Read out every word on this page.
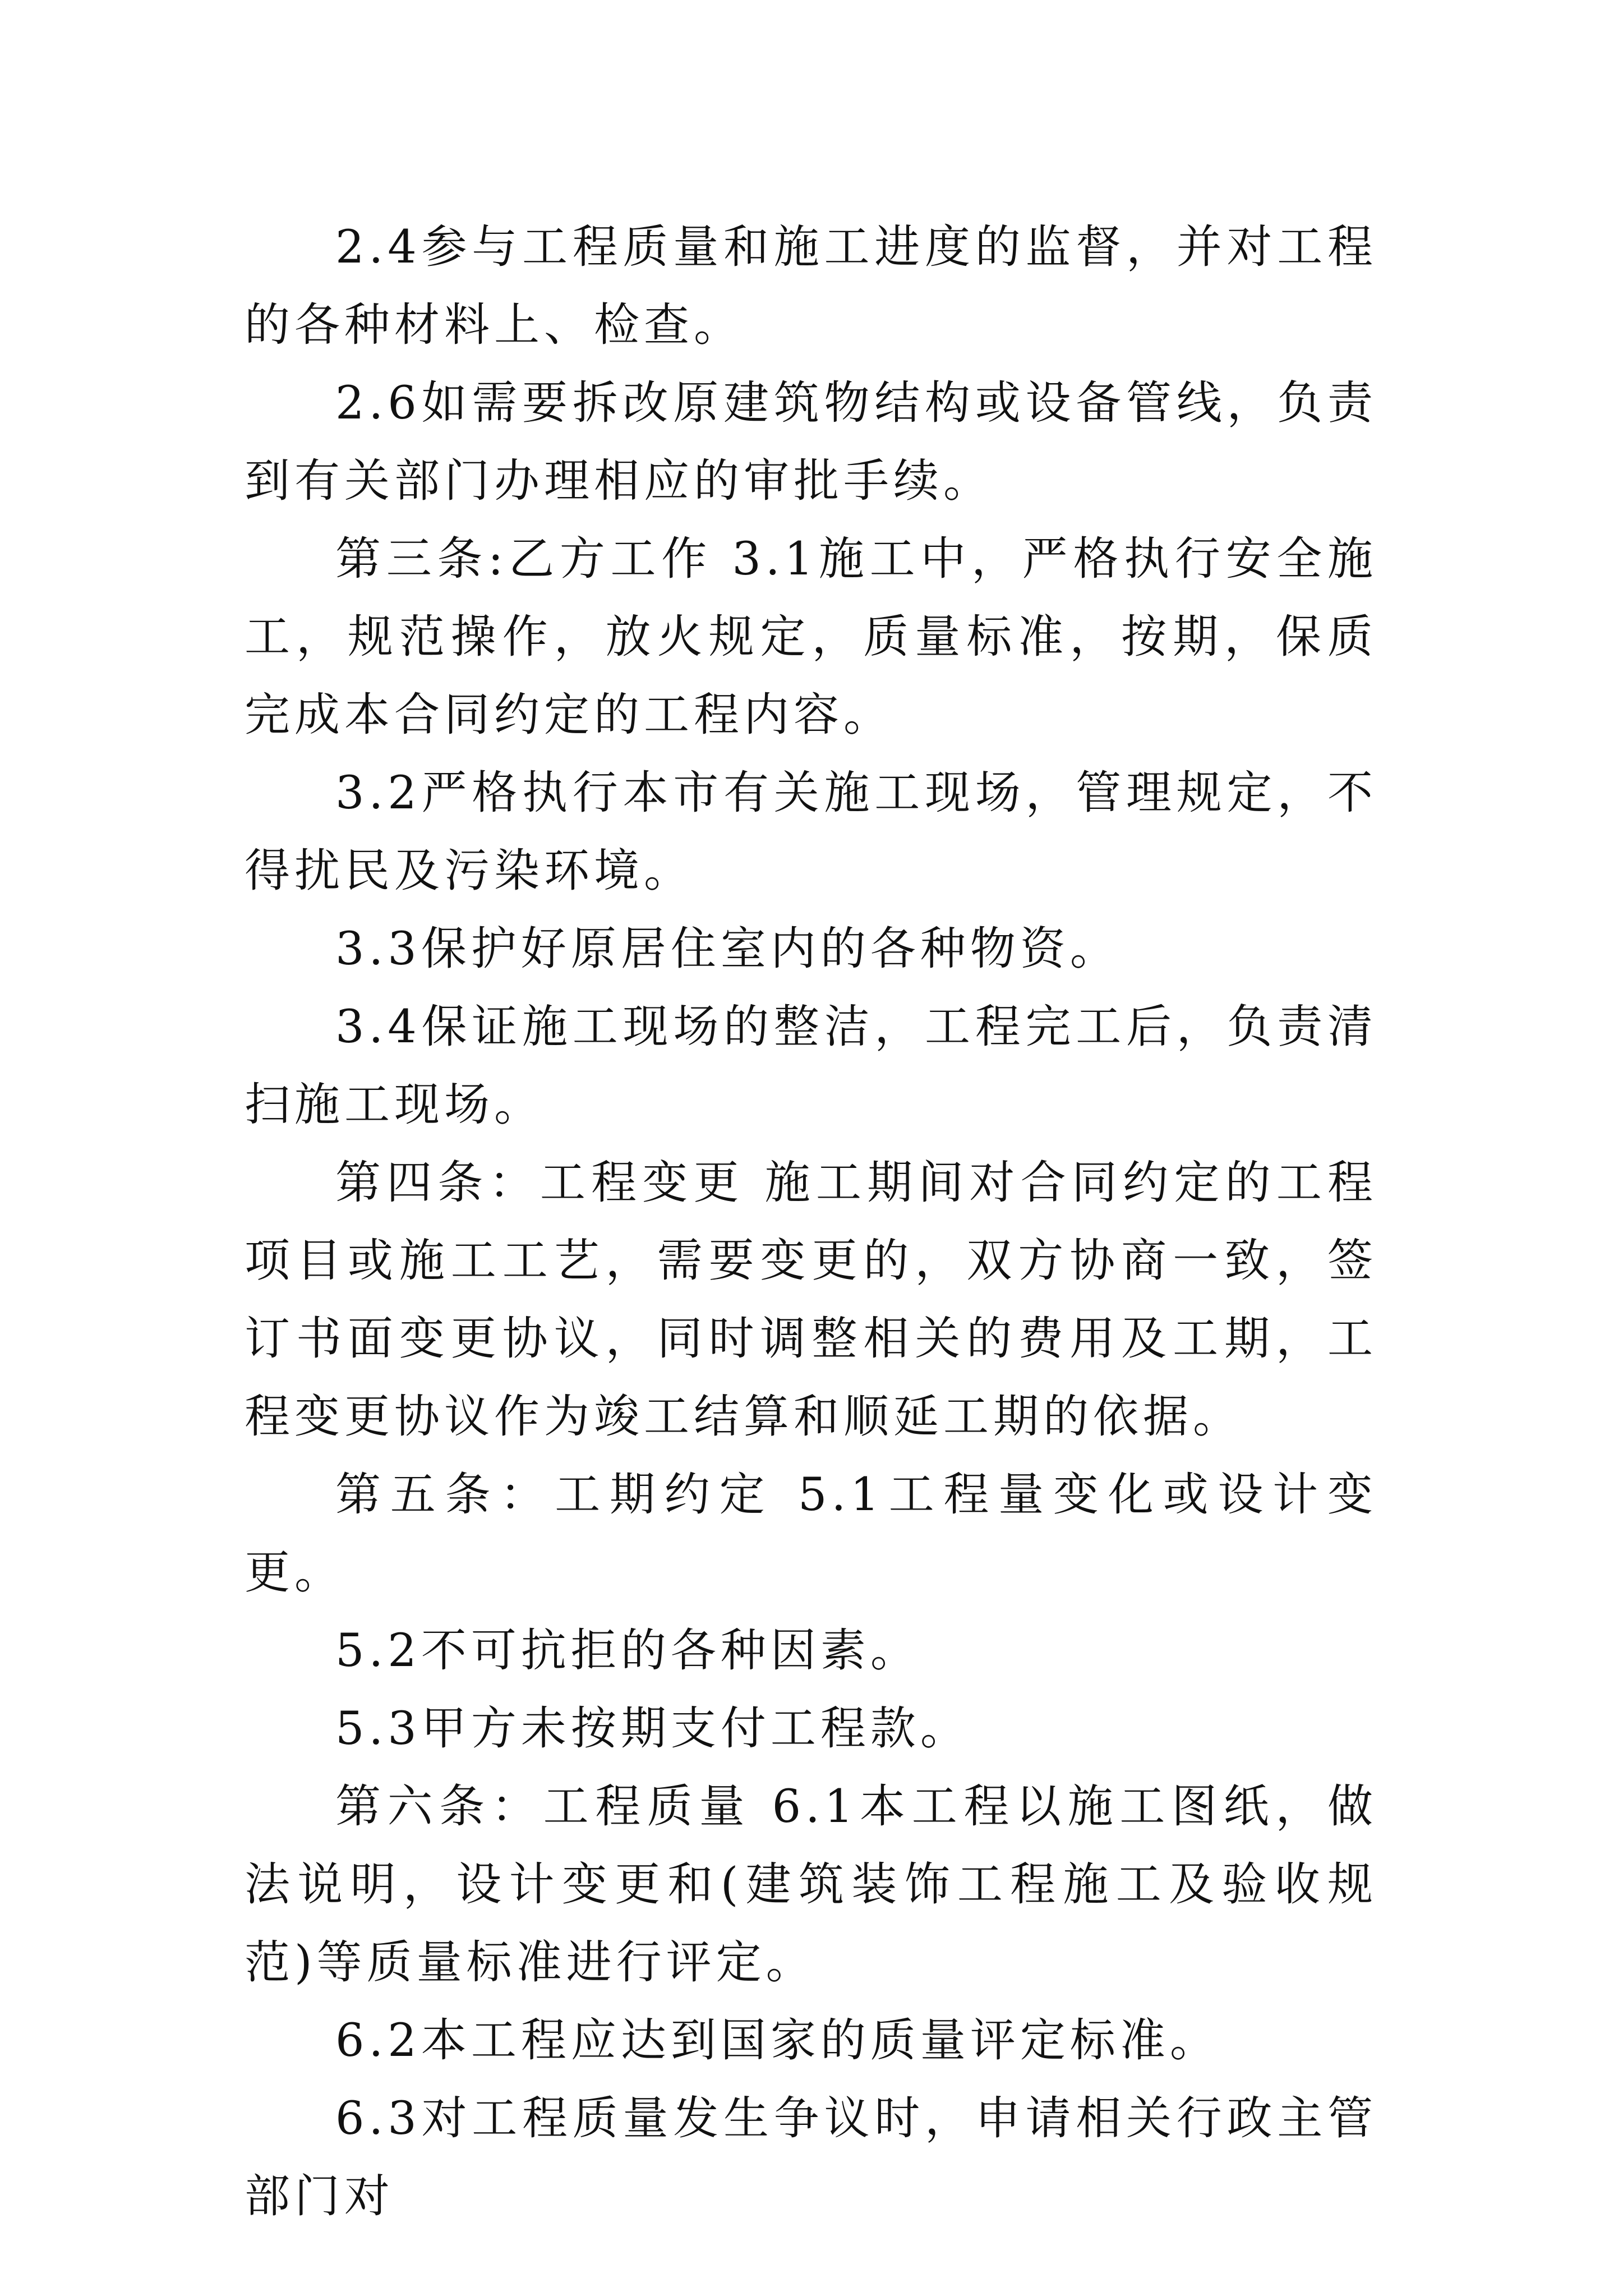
2.4参与工程质量和施工进度的监督，并对工程的各种材料上、检查。

2.6如需要拆改原建筑物结构或设备管线，负责到有关部门办理相应的审批手续。

第三条:乙方工作 3.1施工中，严格执行安全施工，规范操作，放火规定，质量标准，按期，保质完成本合同约定的工程内容。

3.2严格执行本市有关施工现场，管理规定，不得扰民及污染环境。

3.3保护好原居住室内的各种物资。

3.4保证施工现场的整洁，工程完工后，负责清扫施工现场。

第四条：工程变更 施工期间对合同约定的工程项目或施工工艺，需要变更的，双方协商一致，签订书面变更协议，同时调整相关的费用及工期，工程变更协议作为竣工结算和顺延工期的依据。

第五条：工期约定 5.1工程量变化或设计变更。

5.2不可抗拒的各种因素。

5.3甲方未按期支付工程款。

第六条：工程质量 6.1本工程以施工图纸，做法说明，设计变更和(建筑装饰工程施工及验收规范)等质量标准进行评定。

6.2本工程应达到国家的质量评定标准。

6.3对工程质量发生争议时，申请相关行政主管部门对
